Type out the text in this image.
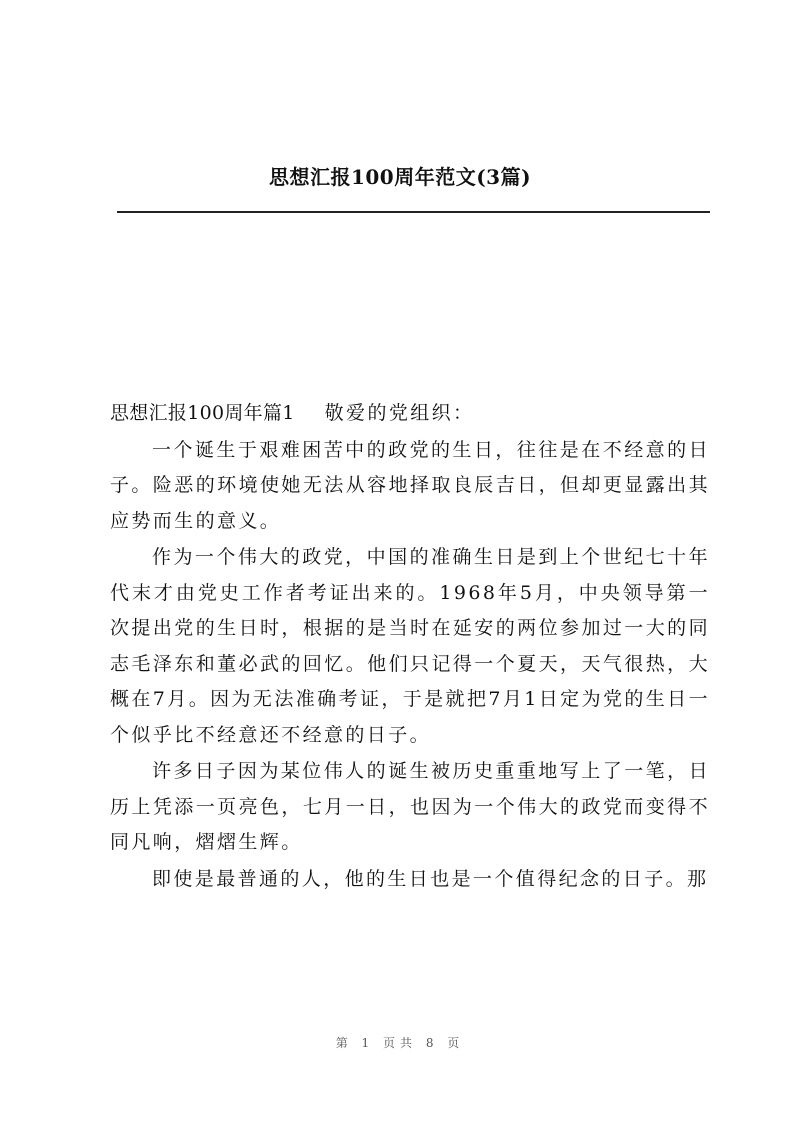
思想汇报100周年范文(3篇)

思想汇报100周年篇1 敬爱的党组织：

一个诞生于艰难困苦中的政党的生日，往往是在不经意的日子。险恶的环境使她无法从容地择取良辰吉日，但却更显露出其应势而生的意义。

作为一个伟大的政党，中国的准确生日是到上个世纪七十年代末才由党史工作者考证出来的。1968年5月，中央领导第一次提出党的生日时，根据的是当时在延安的两位参加过一大的同志毛泽东和董必武的回忆。他们只记得一个夏天，天气很热，大概在7月。因为无法准确考证，于是就把7月1日定为党的生日一个似乎比不经意还不经意的日子。

许多日子因为某位伟人的诞生被历史重重地写上了一笔，日历上凭添一页亮色，七月一日，也因为一个伟大的政党而变得不同凡响，熠熠生辉。

即使是最普通的人，他的生日也是一个值得纪念的日子。那

第 1 页共 8 页
